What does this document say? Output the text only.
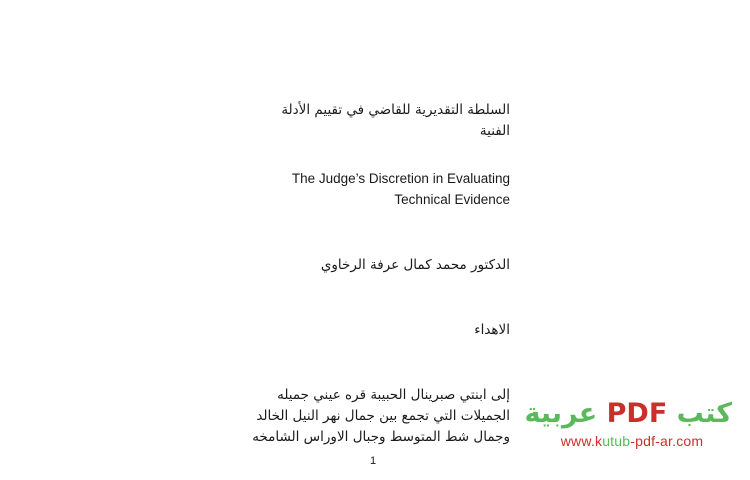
السلطة التقديرية للقاضي في تقييم الأدلة
الفنية
The Judge’s Discretion in Evaluating
Technical Evidence
الدكتور محمد كمال عرفة الرخاوي
الاهداء
إلى ابنتي صبرينال الحبيبة قره عيني جميله
الجميلات التي تجمع بين جمال نهر النيل الخالد
وجمال شط المتوسط وجبال الاوراس الشامخه
1
كتب PDF عربية
www.kutub-pdf-ar.com
